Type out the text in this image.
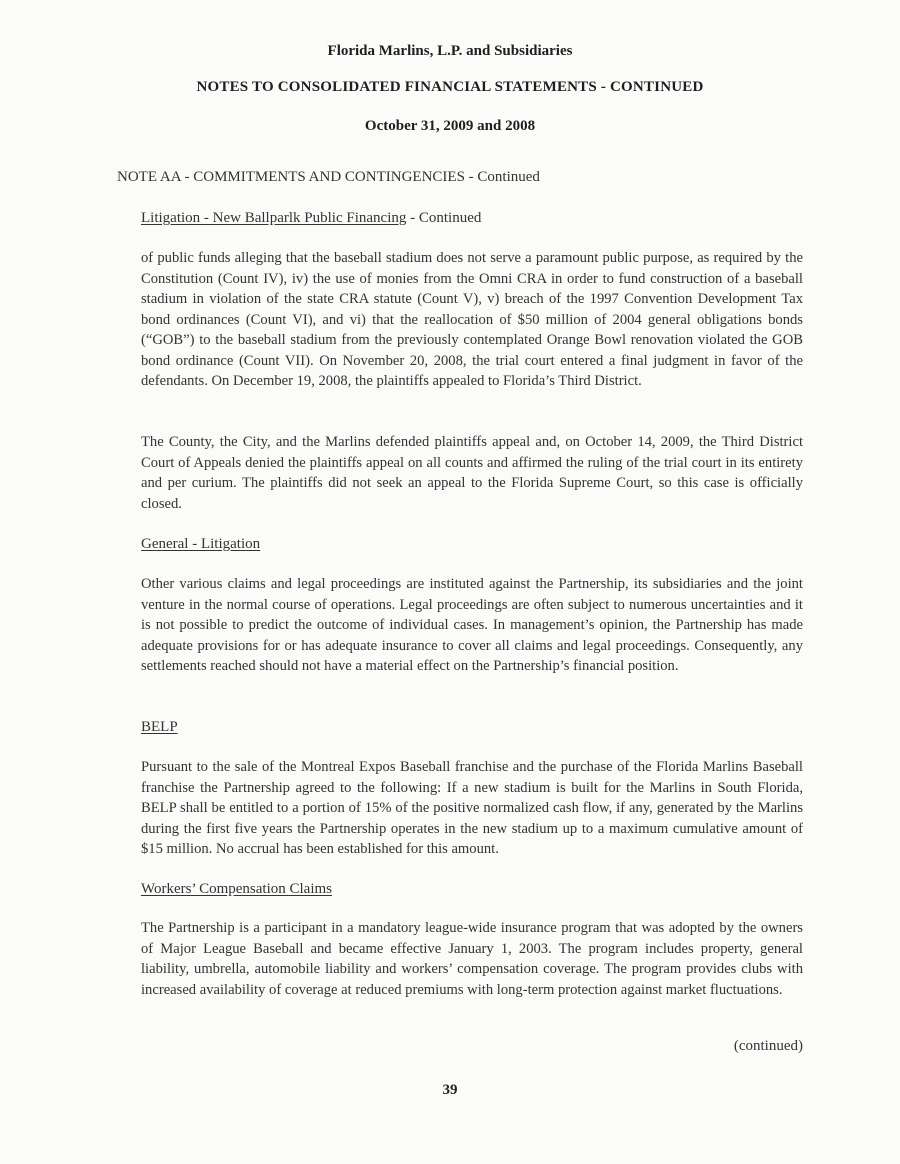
Florida Marlins, L.P. and Subsidiaries

NOTES TO CONSOLIDATED FINANCIAL STATEMENTS - CONTINUED

October 31, 2009 and 2008

NOTE AA - COMMITMENTS AND CONTINGENCIES - Continued

Litigation - New Ballparlk Public Financing - Continued

of public funds alleging that the baseball stadium does not serve a paramount public purpose, as required by the Constitution (Count IV), iv) the use of monies from the Omni CRA in order to fund construction of a baseball stadium in violation of the state CRA statute (Count V), v) breach of the 1997 Convention Development Tax bond ordinances (Count VI), and vi) that the reallocation of $50 million of 2004 general obligations bonds (“GOB”) to the baseball stadium from the previously contemplated Orange Bowl renovation violated the GOB bond ordinance (Count VII). On November 20, 2008, the trial court entered a final judgment in favor of the defendants. On December 19, 2008, the plaintiffs appealed to Florida’s Third District.

The County, the City, and the Marlins defended plaintiffs appeal and, on October 14, 2009, the Third District Court of Appeals denied the plaintiffs appeal on all counts and affirmed the ruling of the trial court in its entirety and per curium. The plaintiffs did not seek an appeal to the Florida Supreme Court, so this case is officially closed.

General - Litigation

Other various claims and legal proceedings are instituted against the Partnership, its subsidiaries and the joint venture in the normal course of operations. Legal proceedings are often subject to numerous uncertainties and it is not possible to predict the outcome of individual cases. In management’s opinion, the Partnership has made adequate provisions for or has adequate insurance to cover all claims and legal proceedings. Consequently, any settlements reached should not have a material effect on the Partnership’s financial position.

BELP

Pursuant to the sale of the Montreal Expos Baseball franchise and the purchase of the Florida Marlins Baseball franchise the Partnership agreed to the following: If a new stadium is built for the Marlins in South Florida, BELP shall be entitled to a portion of 15% of the positive normalized cash flow, if any, generated by the Marlins during the first five years the Partnership operates in the new stadium up to a maximum cumulative amount of $15 million. No accrual has been established for this amount.

Workers’ Compensation Claims

The Partnership is a participant in a mandatory league-wide insurance program that was adopted by the owners of Major League Baseball and became effective January 1, 2003. The program includes property, general liability, umbrella, automobile liability and workers’ compensation coverage. The program provides clubs with increased availability of coverage at reduced premiums with long-term protection against market fluctuations.

(continued)

39
